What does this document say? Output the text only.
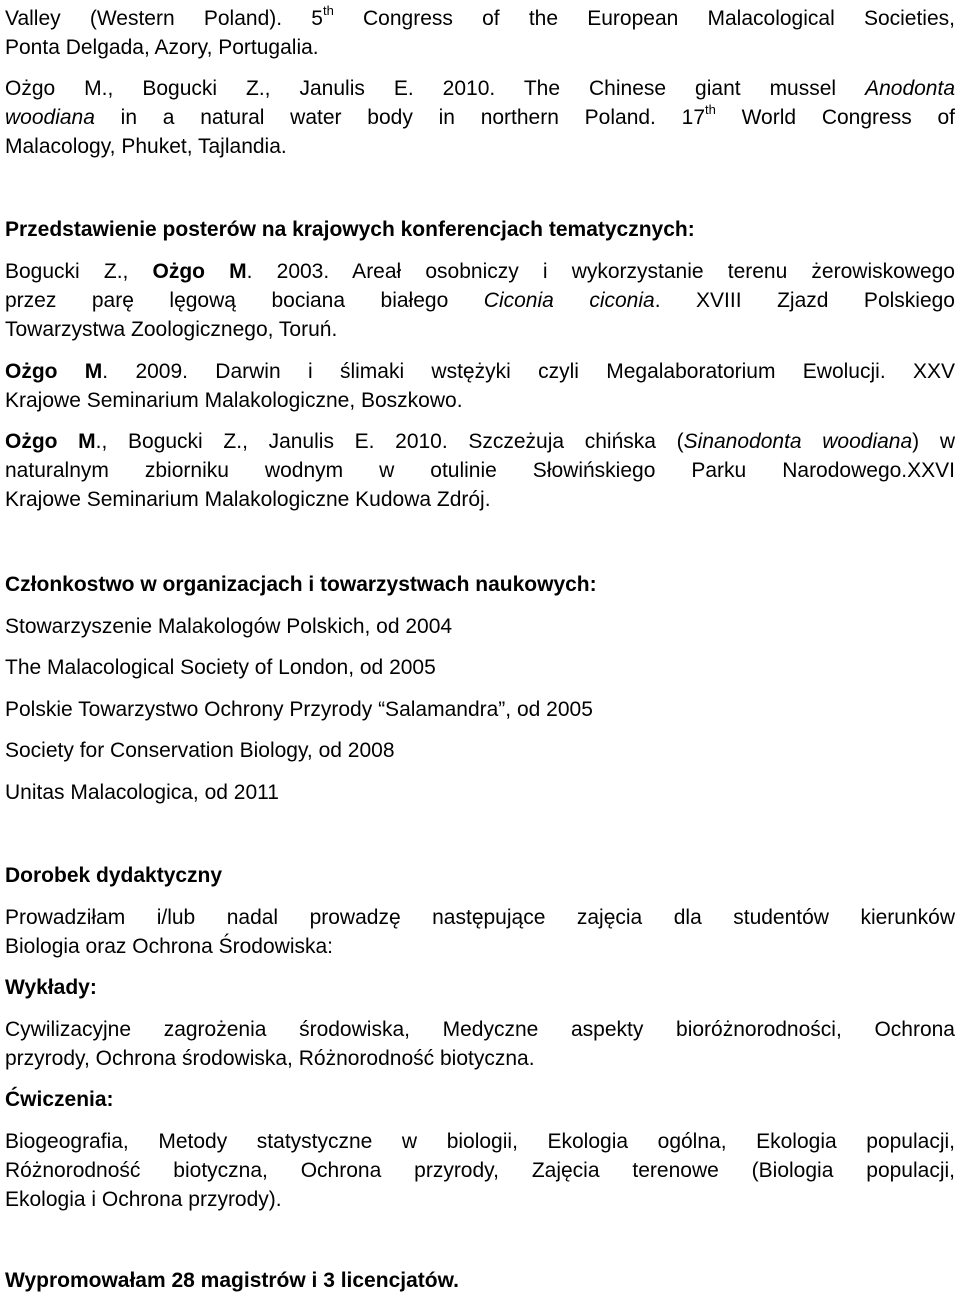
Valley (Western Poland). 5th Congress of the European Malacological Societies,
Ponta Delgada, Azory, Portugalia.
Ożgo M., Bogucki Z., Janulis E. 2010. The Chinese giant mussel Anodonta
woodiana in a natural water body in northern Poland. 17th World Congress of
Malacology, Phuket, Tajlandia.
Przedstawienie posterów na krajowych konferencjach tematycznych:
Bogucki Z., Ożgo M. 2003. Areał osobniczy i wykorzystanie terenu żerowiskowego
przez parę lęgową bociana białego Ciconia ciconia. XVIII Zjazd Polskiego
Towarzystwa Zoologicznego, Toruń.
Ożgo M. 2009. Darwin i ślimaki wstężyki czyli Megalaboratorium Ewolucji. XXV
Krajowe Seminarium Malakologiczne, Boszkowo.
Ożgo M., Bogucki Z., Janulis E. 2010. Szczeżuja chińska (Sinanodonta woodiana) w
naturalnym zbiorniku wodnym w otulinie Słowińskiego Parku Narodowego.XXVI
Krajowe Seminarium Malakologiczne Kudowa Zdrój.
Członkostwo w organizacjach i towarzystwach naukowych:
Stowarzyszenie Malakologów Polskich, od 2004
The Malacological Society of London, od 2005
Polskie Towarzystwo Ochrony Przyrody “Salamandra”, od 2005
Society for Conservation Biology, od 2008
Unitas Malacologica, od 2011
Dorobek dydaktyczny
Prowadziłam i/lub nadal prowadzę następujące zajęcia dla studentów kierunków
Biologia oraz Ochrona Środowiska:
Wykłady:
Cywilizacyjne zagrożenia środowiska, Medyczne aspekty bioróżnorodności, Ochrona
przyrody, Ochrona środowiska, Różnorodność biotyczna.
Ćwiczenia:
Biogeografia, Metody statystyczne w biologii, Ekologia ogólna, Ekologia populacji,
Różnorodność biotyczna, Ochrona przyrody, Zajęcia terenowe (Biologia populacji,
Ekologia i Ochrona przyrody).
Wypromowałam 28 magistrów i 3 licencjatów.
